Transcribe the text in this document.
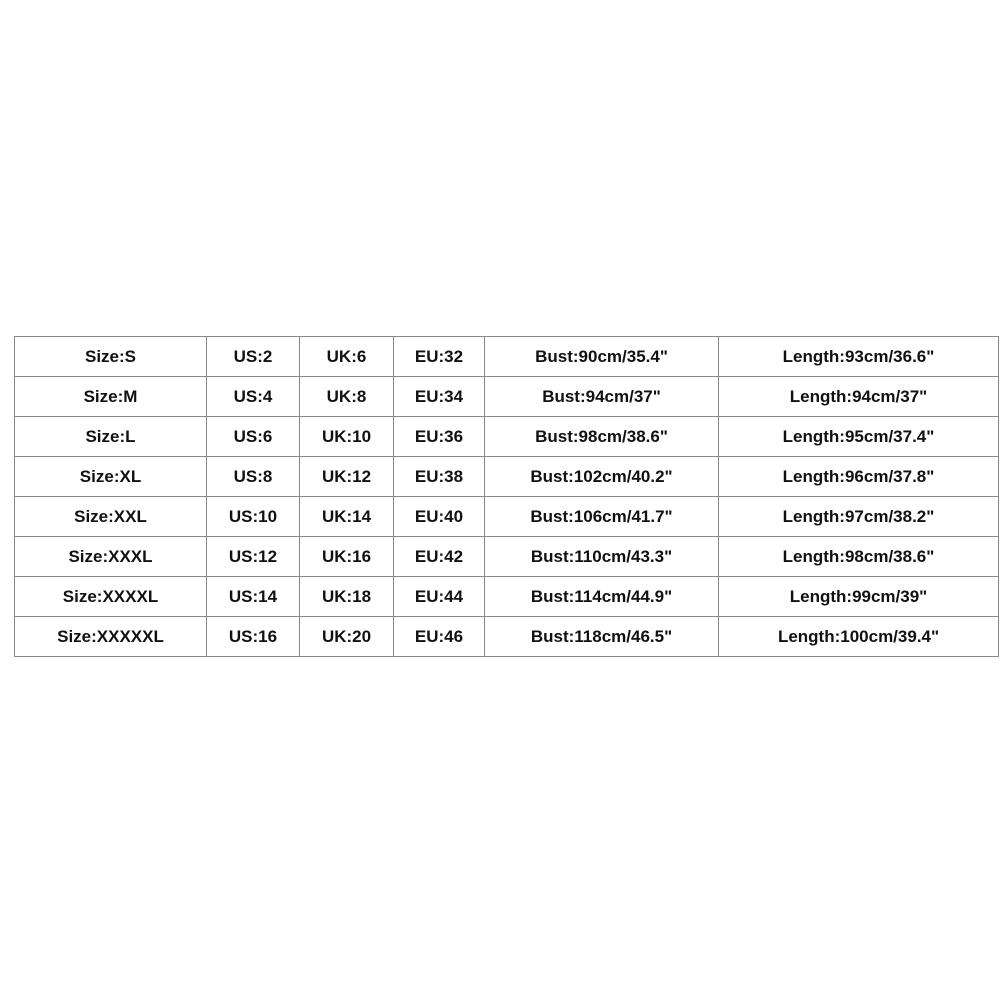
Size:S	US:2	UK:6	EU:32	Bust:90cm/35.4"	Length:93cm/36.6"
Size:M	US:4	UK:8	EU:34	Bust:94cm/37"	Length:94cm/37"
Size:L	US:6	UK:10	EU:36	Bust:98cm/38.6"	Length:95cm/37.4"
Size:XL	US:8	UK:12	EU:38	Bust:102cm/40.2"	Length:96cm/37.8"
Size:XXL	US:10	UK:14	EU:40	Bust:106cm/41.7"	Length:97cm/38.2"
Size:XXXL	US:12	UK:16	EU:42	Bust:110cm/43.3"	Length:98cm/38.6"
Size:XXXXL	US:14	UK:18	EU:44	Bust:114cm/44.9"	Length:99cm/39"
Size:XXXXXL	US:16	UK:20	EU:46	Bust:118cm/46.5"	Length:100cm/39.4"
